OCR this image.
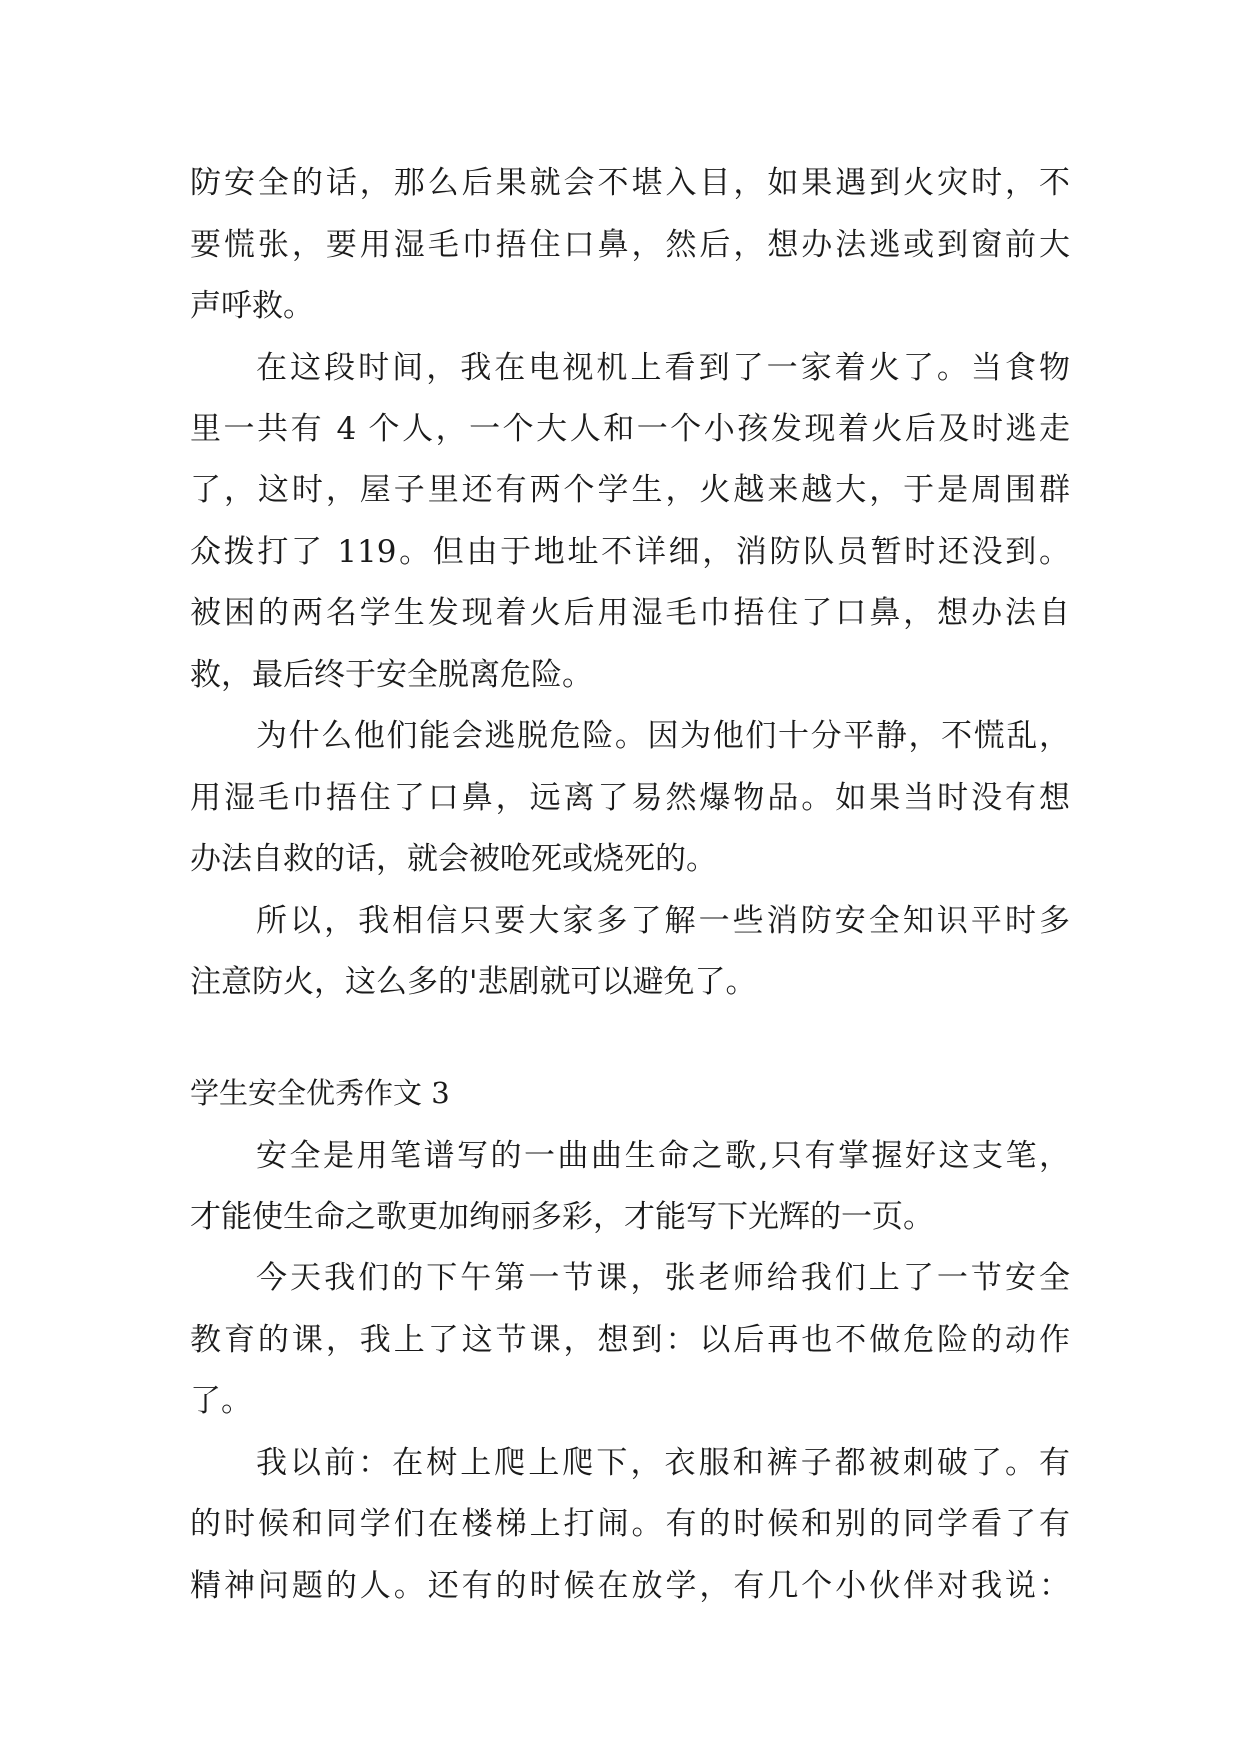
防安全的话，那么后果就会不堪入目，如果遇到火灾时，不

要慌张，要用湿毛巾捂住口鼻，然后，想办法逃或到窗前大

声呼救。

在这段时间，我在电视机上看到了一家着火了。当食物

里一共有 4 个人，一个大人和一个小孩发现着火后及时逃走

了，这时，屋子里还有两个学生，火越来越大，于是周围群

众拨打了 119。但由于地址不详细，消防队员暂时还没到。

被困的两名学生发现着火后用湿毛巾捂住了口鼻，想办法自

救，最后终于安全脱离危险。

为什么他们能会逃脱危险。因为他们十分平静，不慌乱，

用湿毛巾捂住了口鼻，远离了易然爆物品。如果当时没有想

办法自救的话，就会被呛死或烧死的。

所以，我相信只要大家多了解一些消防安全知识平时多

注意防火，这么多的'悲剧就可以避免了。

学生安全优秀作文 3

安全是用笔谱写的一曲曲生命之歌,只有掌握好这支笔，

才能使生命之歌更加绚丽多彩，才能写下光辉的一页。

今天我们的下午第一节课，张老师给我们上了一节安全

教育的课，我上了这节课，想到：以后再也不做危险的动作

了。

我以前：在树上爬上爬下，衣服和裤子都被刺破了。有

的时候和同学们在楼梯上打闹。有的时候和别的同学看了有

精神问题的人。还有的时候在放学，有几个小伙伴对我说：
